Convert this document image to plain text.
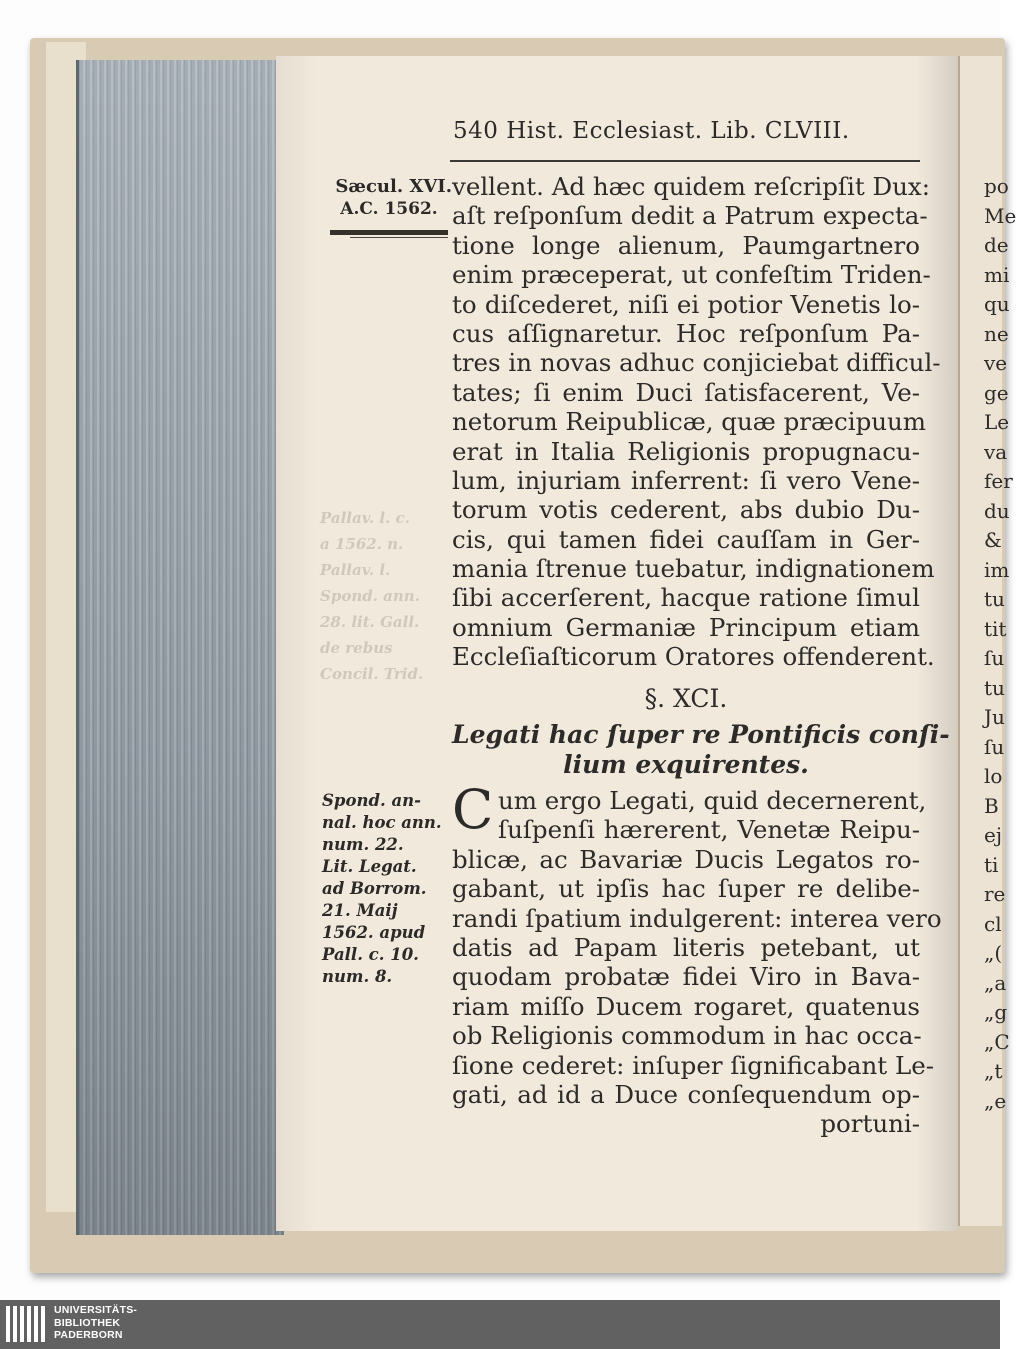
po
Me
de
mi
qu
ne
ve
ge
Le
va
fer
du
&
im
tu
tit
ſu
tu
Ju
ſu
lo
B
ej
ti
re
cl
„(
„a
„g
„C
„t
„e
540 Hist. Ecclesiast. Lib. CLVIII.
Sæcul. XVI.
A.C. 1562.
Pallav. l. c.
a 1562. n.
Pallav. l.
Spond. ann.
28. lit. Gall.
de rebus
Concil. Trid.
vellent. Ad hæc quidem reſcripſit Dux:
aſt reſponſum dedit a Patrum expecta-
tione longe alienum, Paumgartnero
enim præceperat, ut confeſtim Triden-
to diſcederet, niſi ei potior Venetis lo-
cus aſſignaretur. Hoc reſponſum Pa-
tres in novas adhuc conjiciebat difficul-
tates; ſi enim Duci ſatisfacerent, Ve-
netorum Reipublicæ, quæ præcipuum
erat in Italia Religionis propugnacu-
lum, injuriam inferrent: ſi vero Vene-
torum votis cederent, abs dubio Du-
cis, qui tamen fidei cauſſam in Ger-
mania ſtrenue tuebatur, indignationem
ſibi accerſerent, hacque ratione ſimul
omnium Germaniæ Principum etiam
Eccleſiaſticorum Oratores offenderent.
§. XCI.
Legati hac ſuper re Pontificis conſi-
lium exquirentes.
C um ergo Legati, quid decernerent,
ſuſpenſi hærerent, Venetæ Reipu-
blicæ, ac Bavariæ Ducis Legatos ro-
gabant, ut ipſis hac ſuper re delibe-
randi ſpatium indulgerent: interea vero
datis ad Papam literis petebant, ut
quodam probatæ fidei Viro in Bava-
riam miſſo Ducem rogaret, quatenus
ob Religionis commodum in hac occa-
ſione cederet: inſuper ſignificabant Le-
gati, ad id a Duce conſequendum op-
portuni-
Spond. an-
nal. hoc ann.
num. 22.
Lit. Legat.
ad Borrom.
21. Maij
1562. apud
Pall. c. 10.
num. 8.
UNIVERSITÄTS-
BIBLIOTHEK
PADERBORN
